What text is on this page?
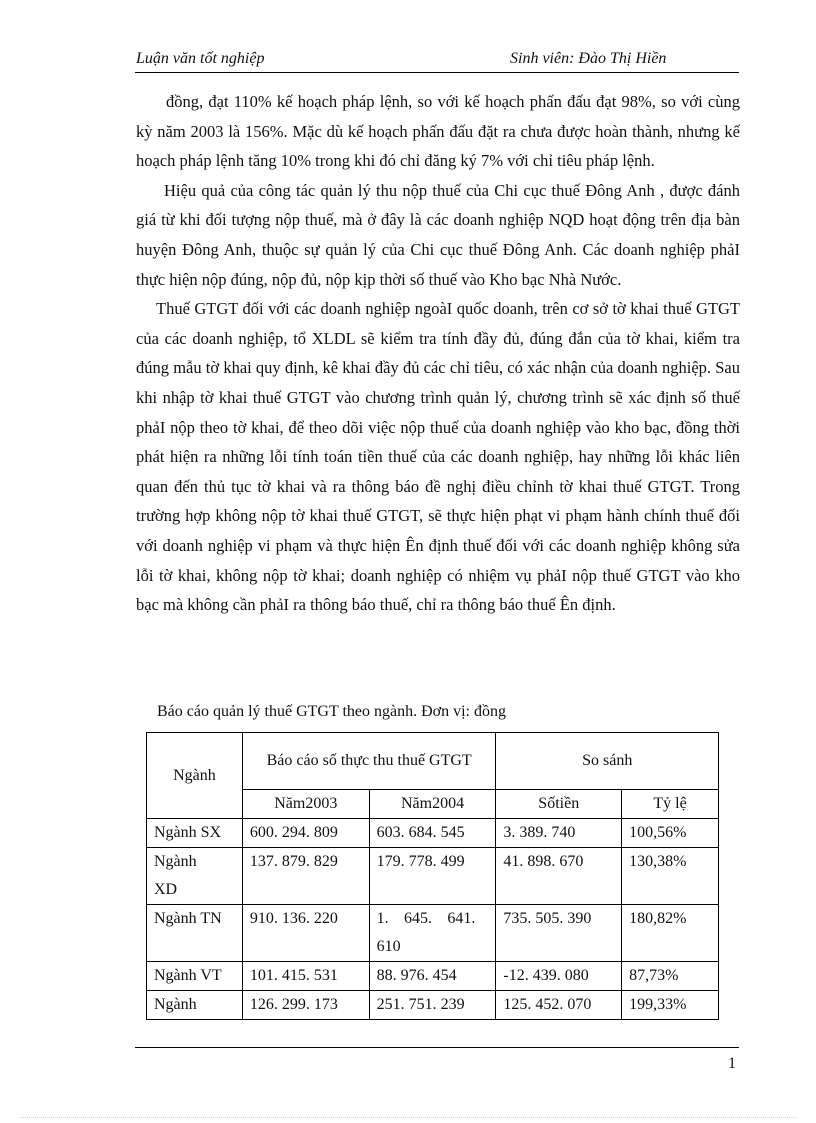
Luận văn tốt nghiệp	Sinh viên: Đào Thị Hiền

đồng, đạt 110% kế hoạch pháp lệnh, so với kế hoạch phấn đấu đạt 98%, so với cùng kỳ năm 2003 là 156%. Mặc dù kế hoạch phấn đấu đặt ra chưa được hoàn thành, nhưng kế hoạch pháp lệnh tăng 10% trong khi đó chỉ đăng ký 7% với chỉ tiêu pháp lệnh.

Hiệu quả của công tác quản lý thu nộp thuế của Chi cục thuế Đông Anh , được đánh giá từ khi đối tượng nộp thuế, mà ở đây là các doanh nghiệp NQD hoạt động trên địa bàn huyện Đông Anh, thuộc sự quản lý của Chi cục thuế Đông Anh. Các doanh nghiệp phảI thực hiện nộp đúng, nộp đủ, nộp kịp thời số thuế vào Kho bạc Nhà Nước.

Thuế GTGT đối với các doanh nghiệp ngoàI quốc doanh, trên cơ sở tờ khai thuế GTGT của các doanh nghiệp, tổ XLDL sẽ kiểm tra tính đầy đủ, đúng đắn của tờ khai, kiểm tra đúng mẫu tờ khai quy định, kê khai đầy đủ các chỉ tiêu, có xác nhận của doanh nghiệp. Sau khi nhập tờ khai thuế GTGT vào chương trình quản lý, chương trình sẽ xác định số thuế phảI nộp theo tờ khai, để theo dõi việc nộp thuế của doanh nghiệp vào kho bạc, đồng thời phát hiện ra những lỗi tính toán tiền thuế của các doanh nghiệp, hay những lỗi khác liên quan đến thủ tục tờ khai và ra thông báo đề nghị điều chỉnh tờ khai thuế GTGT. Trong trường hợp không nộp tờ khai thuế GTGT, sẽ thực hiện phạt vi phạm hành chính thuế đối với doanh nghiệp vi phạm và thực hiện Ên định thuế đối với các doanh nghiệp không sửa lỗi tờ khai, không nộp tờ khai; doanh nghiệp có nhiệm vụ phảI nộp thuế GTGT vào kho bạc mà không cần phảI ra thông báo thuế, chỉ ra thông báo thuế Ên định.

Báo cáo quản lý thuế GTGT theo ngành. Đơn vị: đồng
Ngành	Báo cáo số thực thu thuế GTGT		So sánh	
	Năm2003	Năm2004	Sốtiền	Tỷ lệ
Ngành SX	600. 294. 809	603. 684. 545	3. 389. 740	100,56%
Ngành XD	137. 879. 829	179. 778. 499	41. 898. 670	130,38%
Ngành TN	910. 136. 220	1. 645. 641. 610	735. 505. 390	180,82%
Ngành VT	101. 415. 531	88. 976. 454	-12. 439. 080	87,73%
Ngành	126. 299. 173	251. 751. 239	125. 452. 070	199,33%
1
